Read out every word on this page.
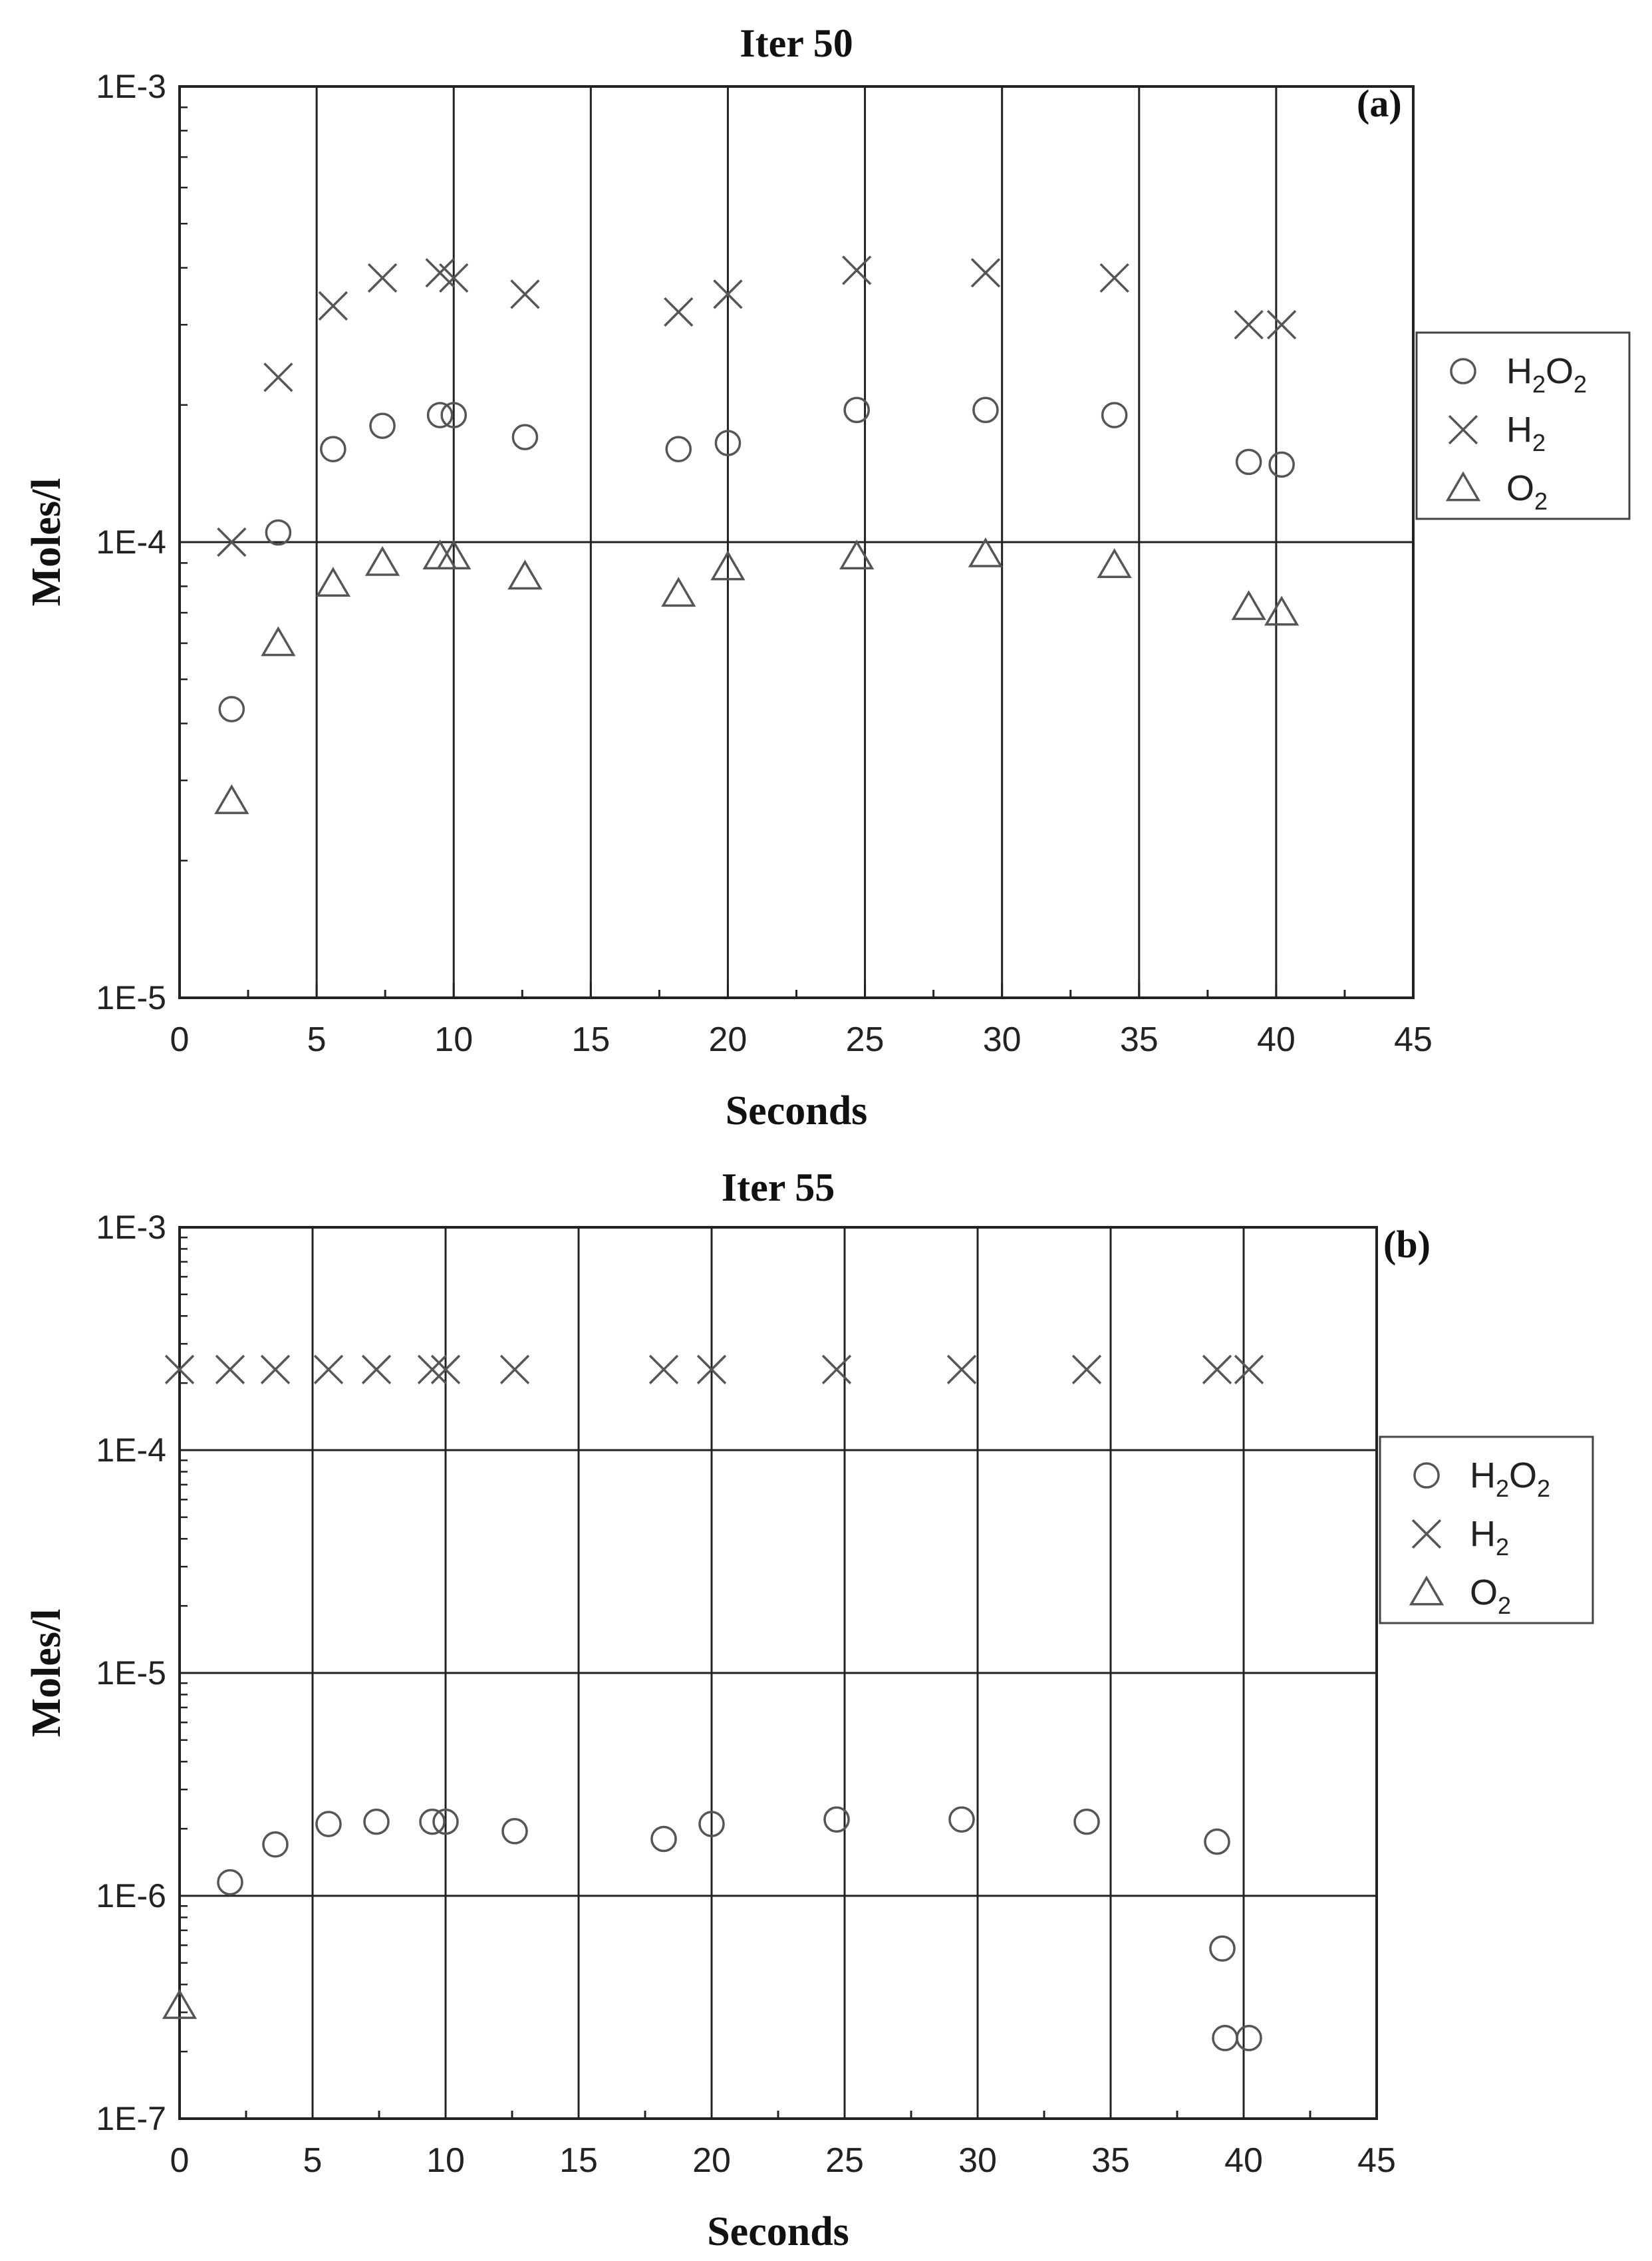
0	5	10	15	20	25	30	35	40	45
1E-5
1E-4
1E-3
Iter 50
(a)
Seconds
Moles/l
$H_2O_2$
$H_2$
$O_2$
0	5	10	15	20	25	30	35	40	45
1E-7
1E-6
1E-5
1E-4
1E-3
Iter 55
(b)
Seconds
Moles/l
$H_2O_2$
$H_2$
$O_2$
